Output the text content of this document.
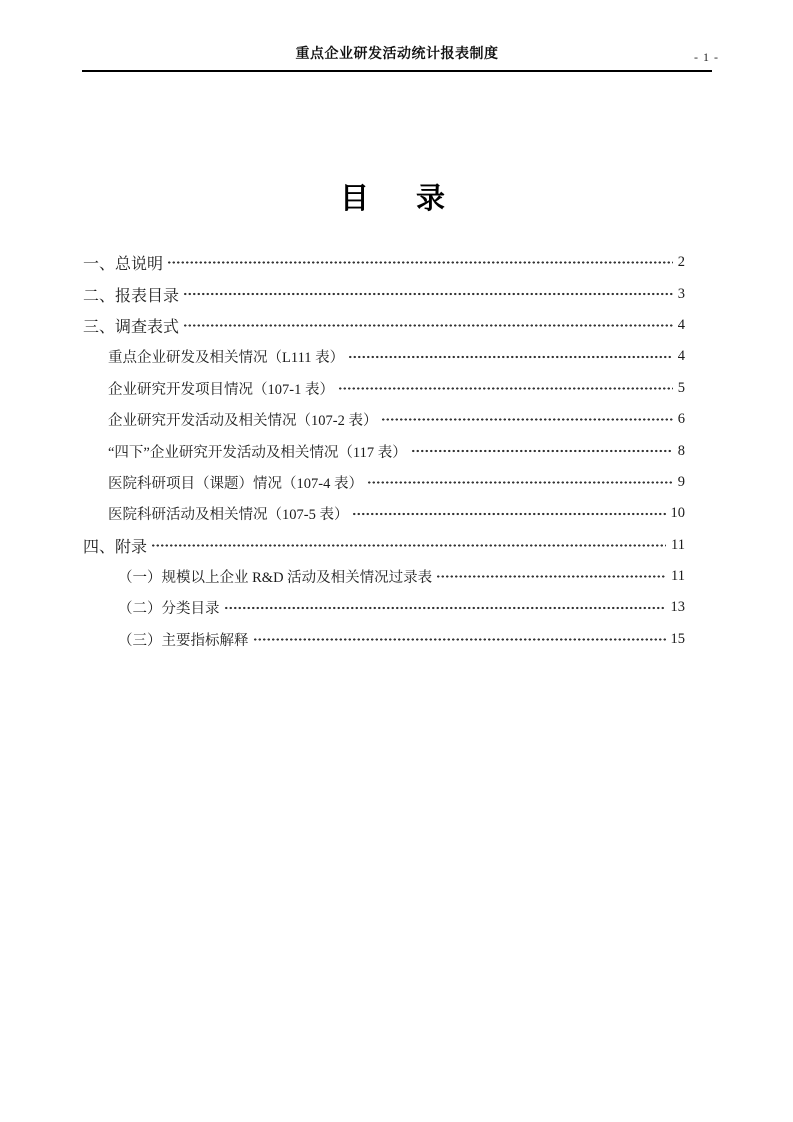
重点企业研发活动统计报表制度	- 1 -
目　录
一、总说明	2
二、报表目录	3
三、调查表式	4
重点企业研发及相关情况（L111 表）	4
企业研究开发项目情况（107-1 表）	5
企业研究开发活动及相关情况（107-2 表）	6
“四下”企业研究开发活动及相关情况（117 表）	8
医院科研项目（课题）情况（107-4 表）	9
医院科研活动及相关情况（107-5 表）	10
四、附录	11
（一）规模以上企业 R&D 活动及相关情况过录表	11
（二）分类目录	13
（三）主要指标解释	15
